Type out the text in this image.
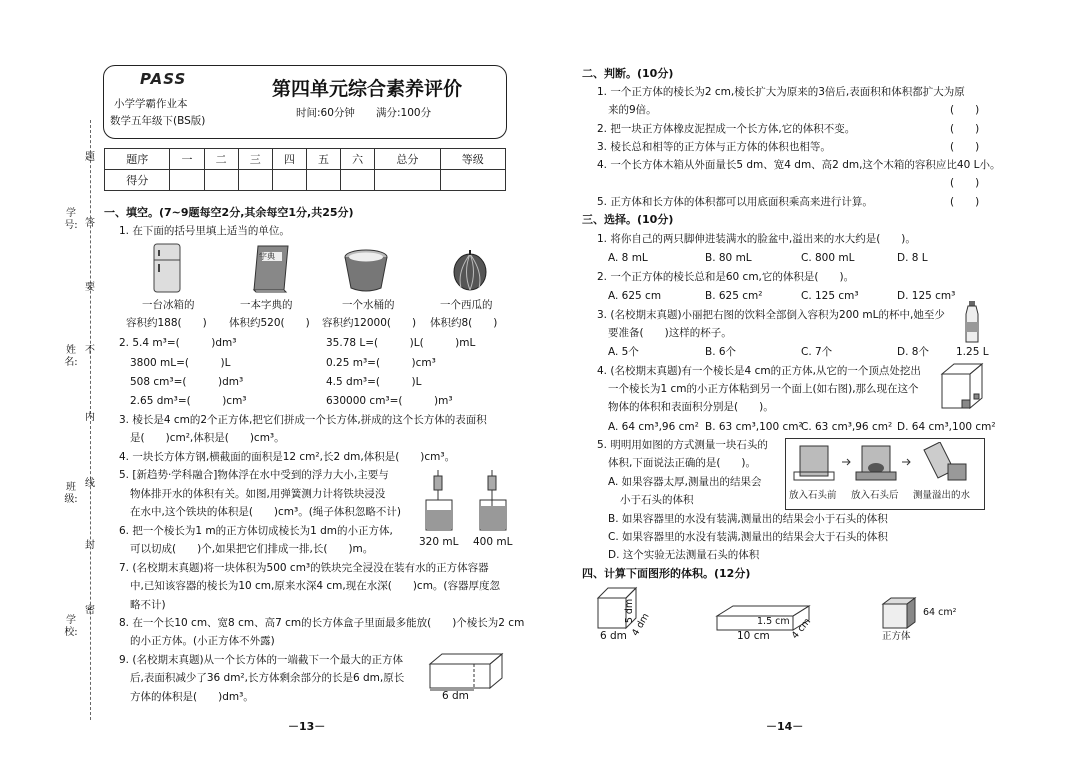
学号:
姓名:
班级:
学校:
题
答
要
不
内
线
封
密
PASS
小学学霸作业本
数学五年级下(BS版)
第四单元综合素养评价
时间:60分钟 满分:100分
题序	一	二	三	四	五	六	总分	等级
得分								
一、填空。(7~9题每空2分,其余每空1分,共25分)
1. 在下面的括号里填上适当的单位。
字典
一台冰箱的
容积约188(　　)
一本字典的
体积约520(　　)
一个水桶的
容积约12000(　　)
一个西瓜的
体积约8(　　)
2. 5.4 m³=(　　　)dm³	35.78 L=(　　　)L(　　　)mL
3800 mL=(　　　)L	0.25 m³=(　　　)cm³
508 cm³=(　　　)dm³	4.5 dm³=(　　　)L
2.65 dm³=(　　　)cm³	630000 cm³=(　　　)m³
3. 棱长是4 cm的2个正方体,把它们拼成一个长方体,拼成的这个长方体的表面积
是(　　)cm²,体积是(　　)cm³。
4. 一块长方体方钢,横截面的面积是12 cm²,长2 dm,体积是(　　)cm³。
5. [新趋势·学科融合]物体浮在水中受到的浮力大小,主要与
物体排开水的体积有关。如图,用弹簧测力计将铁块浸没
在水中,这个铁块的体积是(　　)cm³。(绳子体积忽略不计)
320 mL 400 mL
6. 把一个棱长为1 m的正方体切成棱长为1 dm的小正方体,
可以切成(　　)个,如果把它们排成一排,长(　　)m。
7. (名校期末真题)将一块体积为500 cm³的铁块完全浸没在装有水的正方体容器
中,已知该容器的棱长为10 cm,原来水深4 cm,现在水深(　　)cm。(容器厚度忽
略不计)
8. 在一个长10 cm、宽8 cm、高7 cm的长方体盒子里面最多能放(　　)个棱长为2 cm
的小正方体。(小正方体不外露)
9. (名校期末真题)从一个长方体的一端截下一个最大的正方体
后,表面积减少了36 dm²,长方体剩余部分的长是6 dm,原长
方体的体积是(　　)dm³。	6 dm
－13－
二、判断。(10分)
1. 一个正方体的棱长为2 cm,棱长扩大为原来的3倍后,表面积和体积都扩大为原
来的9倍。	(　　)
2. 把一块正方体橡皮泥捏成一个长方体,它的体积不变。	(　　)
3. 棱长总和相等的正方体与正方体的体积也相等。	(　　)
4. 一个长方体木箱从外面量长5 dm、宽4 dm、高2 dm,这个木箱的容积应比40 L小。
(　　)
5. 正方体和长方体的体积都可以用底面积乘高来进行计算。	(　　)
三、选择。(10分)
1. 将你自己的两只脚伸进装满水的脸盆中,溢出来的水大约是(　　)。
A. 8 mL	B. 80 mL	C. 800 mL	D. 8 L
2. 一个正方体的棱长总和是60 cm,它的体积是(　　)。
A. 625 cm	B. 625 cm²	C. 125 cm³	D. 125 cm³
3. (名校期末真题)小丽把右图的饮料全部倒入容积为200 mL的杯中,她至少
要准备(　　)这样的杯子。
A. 5个	B. 6个	C. 7个	D. 8个	1.25 L
4. (名校期末真题)有一个棱长是4 cm的正方体,从它的一个顶点处挖出
一个棱长为1 cm的小正方体粘到另一个面上(如右图),那么现在这个
物体的体积和表面积分别是(　　)。
A. 64 cm³,96 cm² B. 63 cm³,100 cm²
C. 63 cm³,96 cm² D. 64 cm³,100 cm²
5. 明明用如图的方式测量一块石头的
体积,下面说法正确的是(　　)。
A. 如果容器太厚,测量出的结果会
小于石头的体积
B. 如果容器里的水没有装满,测量出的结果会小于石头的体积
C. 如果容器里的水没有装满,测量出的结果会大于石头的体积
D. 这个实验无法测量石头的体积
放入石头前 放入石头后 测量溢出的水
四、计算下面图形的体积。(12分)
5 dm
4 dm
6 dm
1.5 cm
10 cm 4 cm
64 cm²
正方体
－14－
